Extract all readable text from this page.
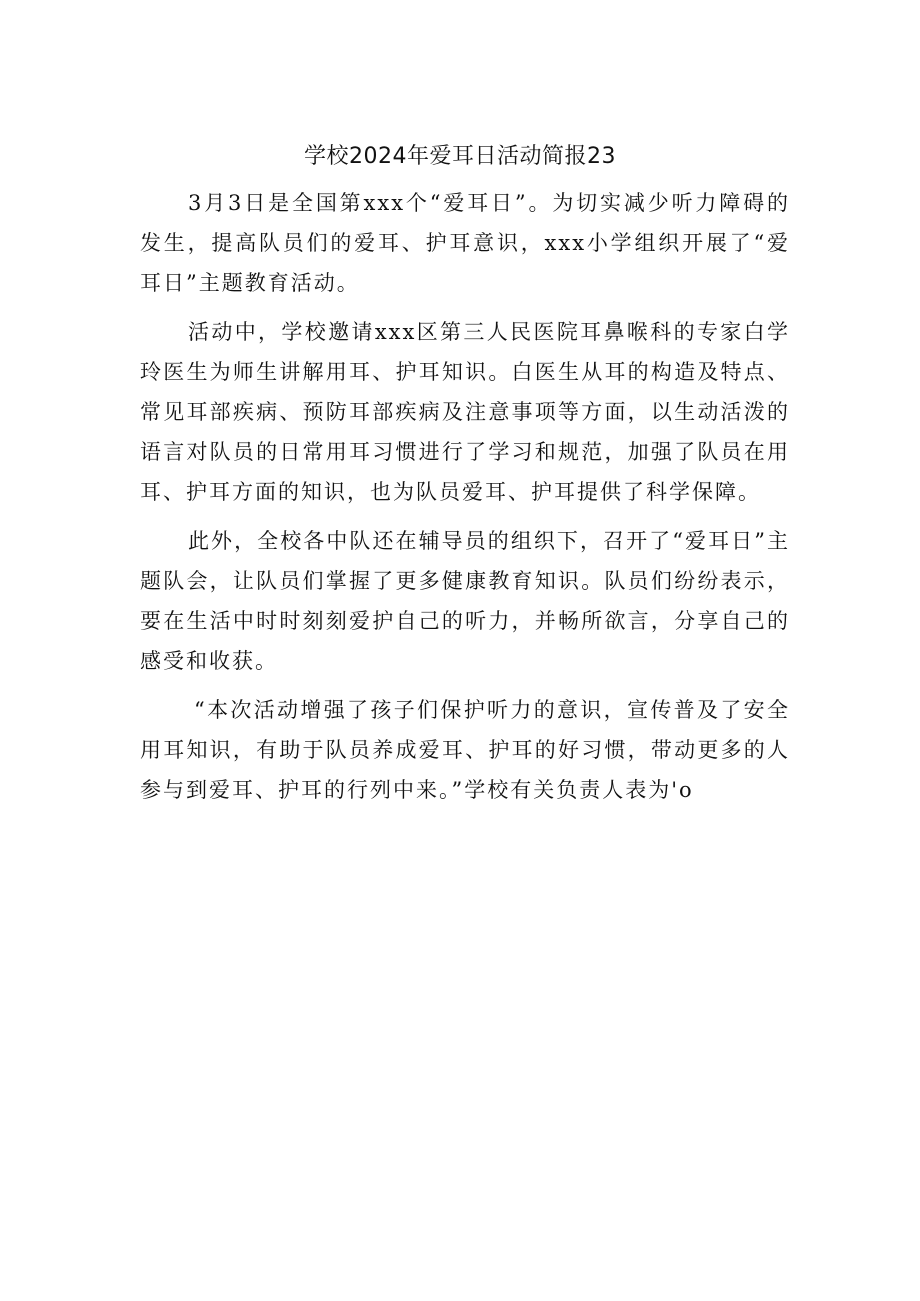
学校2024年爱耳日活动简报23

3月3日是全国第xxx个“爱耳日”。为切实减少听力障碍的发生，提高队员们的爱耳、护耳意识，xxx小学组织开展了“爱耳日”主题教育活动。

活动中，学校邀请xxx区第三人民医院耳鼻喉科的专家白学玲医生为师生讲解用耳、护耳知识。白医生从耳的构造及特点、常见耳部疾病、预防耳部疾病及注意事项等方面，以生动活泼的语言对队员的日常用耳习惯进行了学习和规范，加强了队员在用耳、护耳方面的知识，也为队员爱耳、护耳提供了科学保障。

此外，全校各中队还在辅导员的组织下，召开了“爱耳日”主题队会，让队员们掌握了更多健康教育知识。队员们纷纷表示，要在生活中时时刻刻爱护自己的听力，并畅所欲言，分享自己的感受和收获。

“本次活动增强了孩子们保护听力的意识，宣传普及了安全用耳知识，有助于队员养成爱耳、护耳的好习惯，带动更多的人参与到爱耳、护耳的行列中来。”学校有关负责人表为'o
